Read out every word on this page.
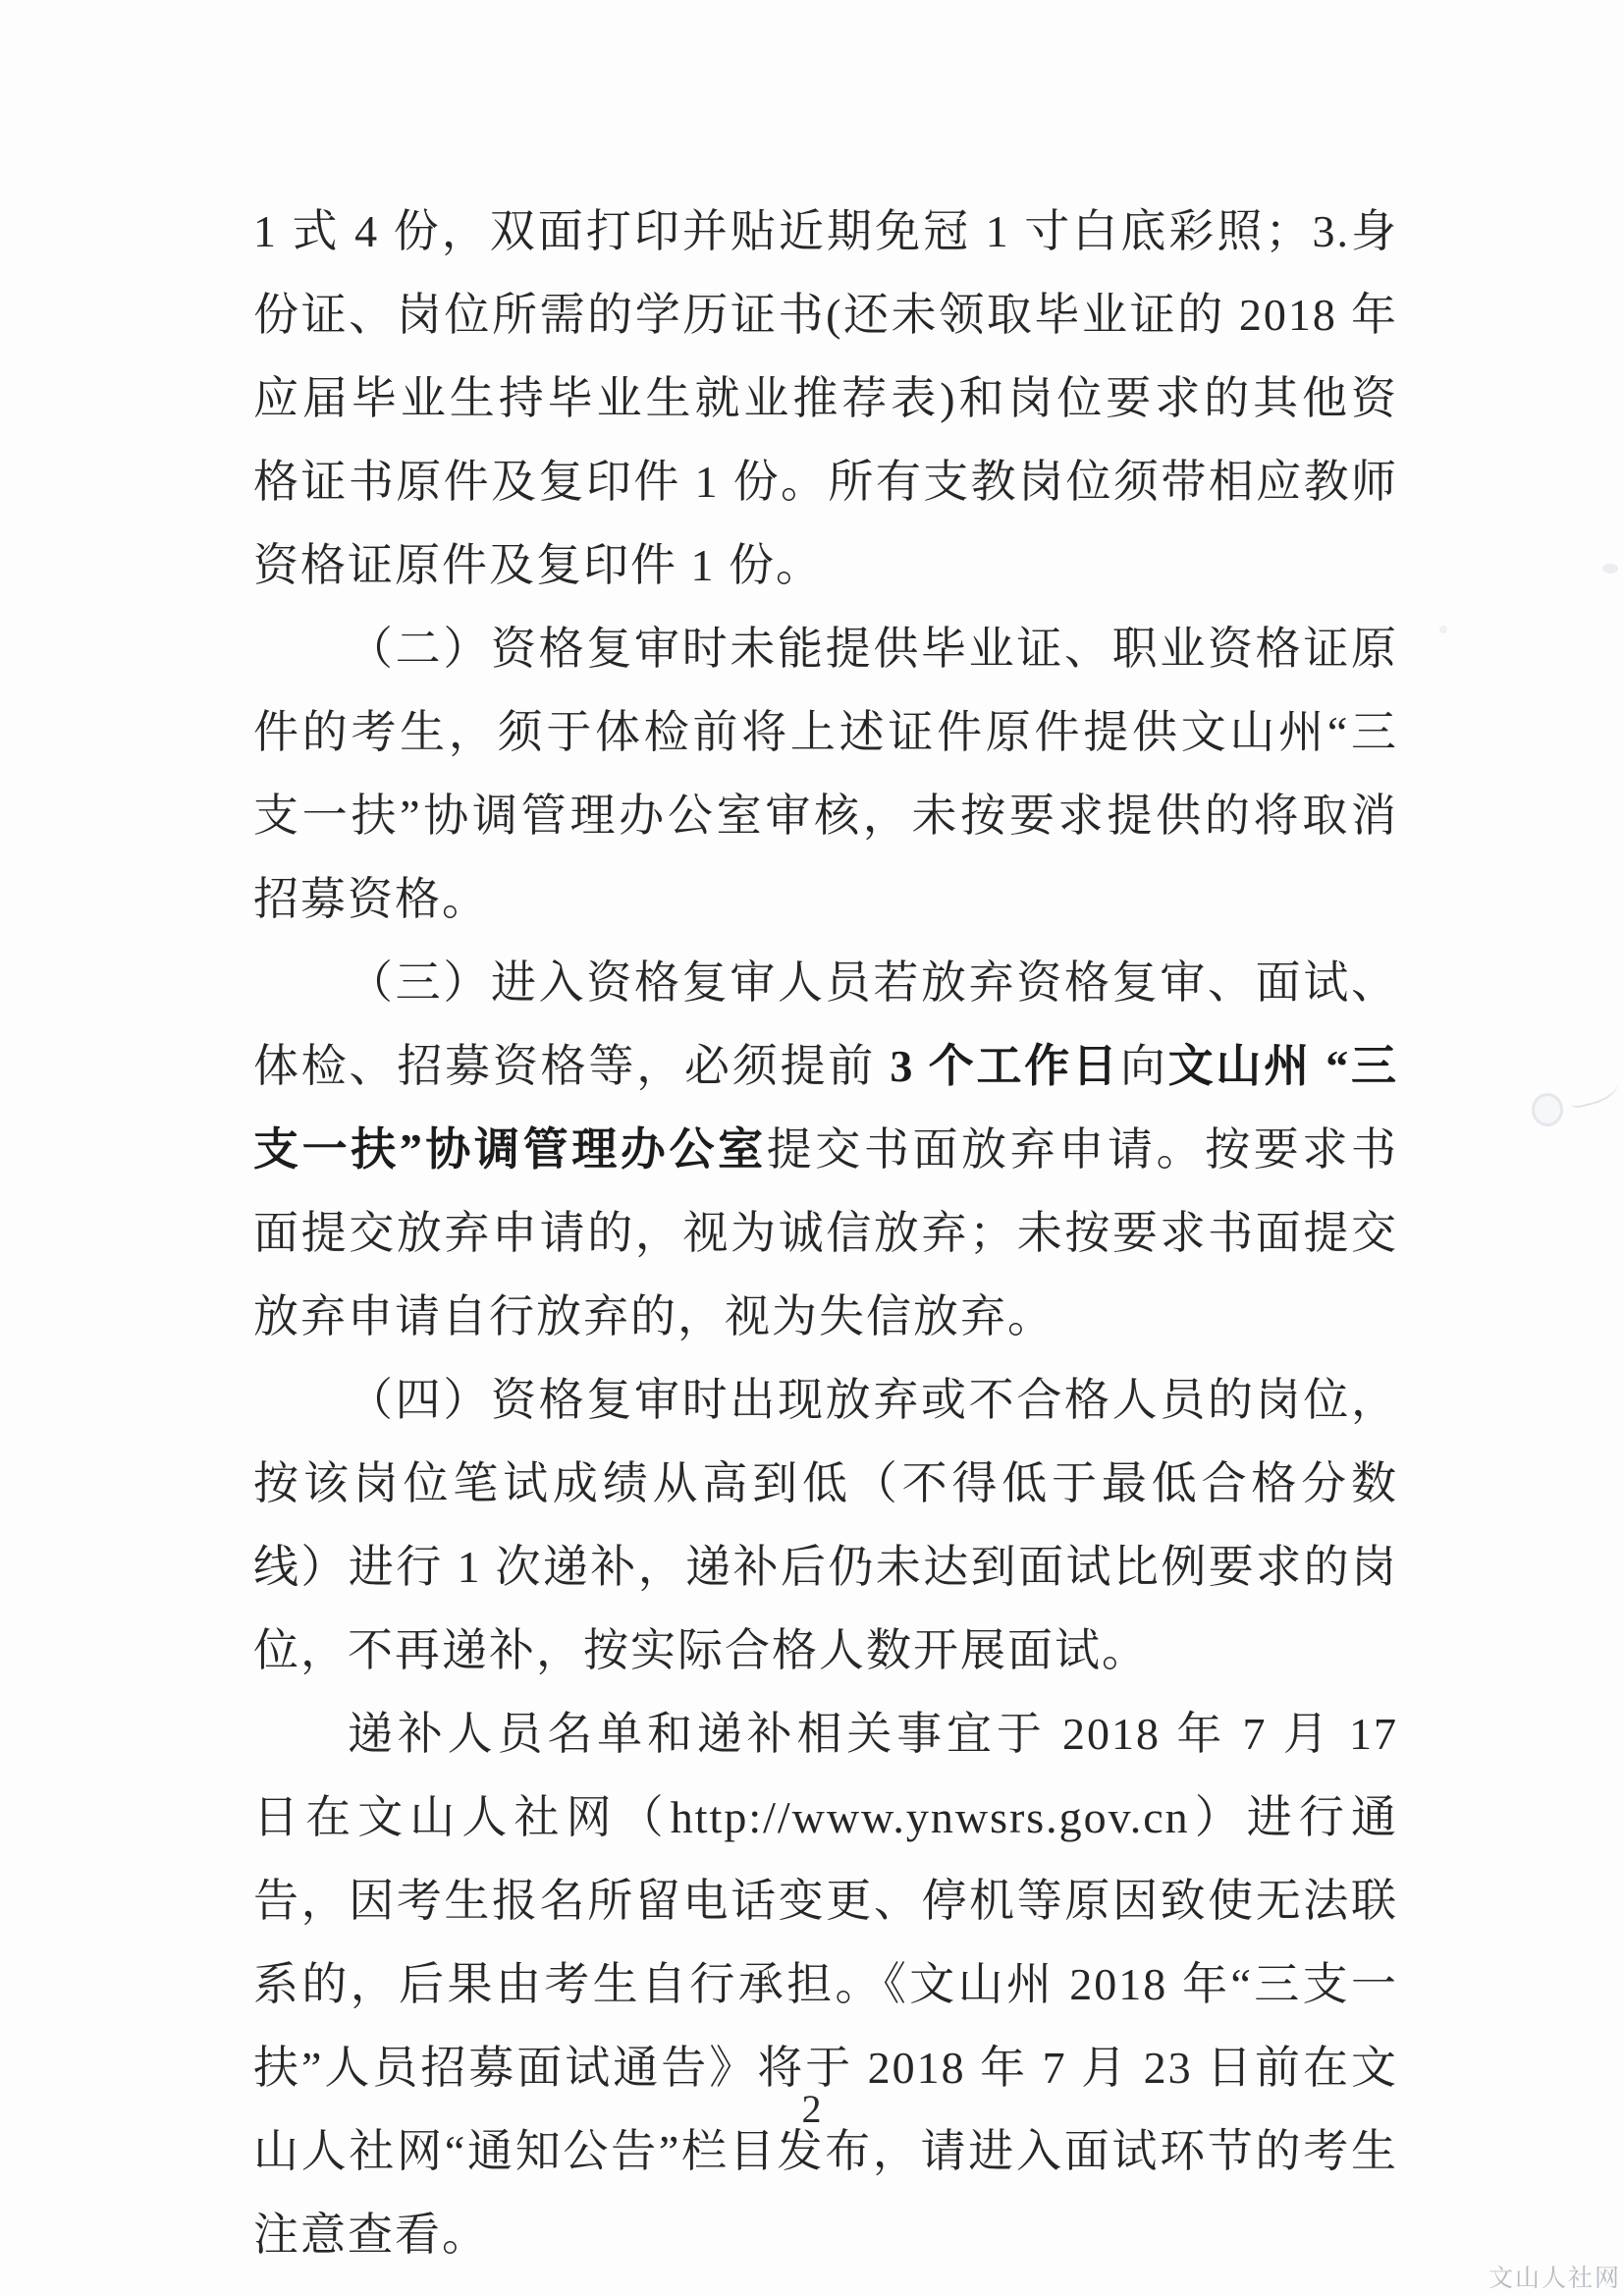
1 式 4 份，双面打印并贴近期免冠 1 寸白底彩照；3.身份证、岗位所需的学历证书(还未领取毕业证的 2018 年应届毕业生持毕业生就业推荐表)和岗位要求的其他资格证书原件及复印件 1 份。所有支教岗位须带相应教师资格证原件及复印件 1 份。

（二）资格复审时未能提供毕业证、职业资格证原件的考生，须于体检前将上述证件原件提供文山州“三支一扶”协调管理办公室审核，未按要求提供的将取消招募资格。

（三）进入资格复审人员若放弃资格复审、面试、体检、招募资格等，必须提前 3 个工作日向文山州 “三支一扶”协调管理办公室提交书面放弃申请。按要求书面提交放弃申请的，视为诚信放弃；未按要求书面提交放弃申请自行放弃的，视为失信放弃。

（四）资格复审时出现放弃或不合格人员的岗位，按该岗位笔试成绩从高到低（不得低于最低合格分数线）进行 1 次递补，递补后仍未达到面试比例要求的岗位，不再递补，按实际合格人数开展面试。

递补人员名单和递补相关事宜于 2018 年 7 月 17 日在文山人社网（http://www.ynwsrs.gov.cn）进行通告，因考生报名所留电话变更、停机等原因致使无法联系的，后果由考生自行承担。《文山州 2018 年“三支一扶”人员招募面试通告》将于 2018 年 7 月 23 日前在文山人社网“通知公告”栏目发布，请进入面试环节的考生注意查看。

2
文山人社网
